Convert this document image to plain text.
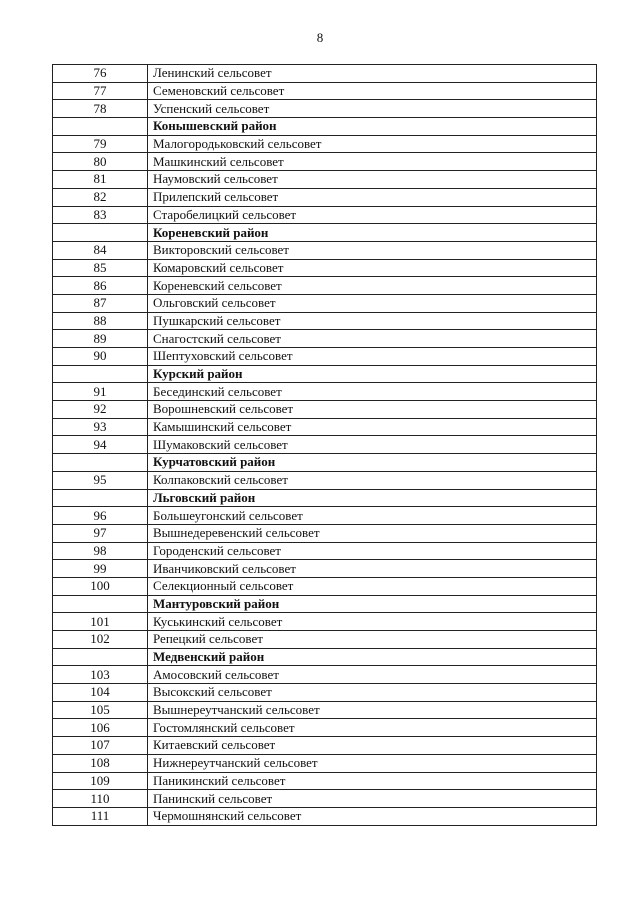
8
76	Ленинский сельсовет
77	Семеновский сельсовет
78	Успенский сельсовет
	Конышевский район
79	Малогородьковский сельсовет
80	Машкинский сельсовет
81	Наумовский сельсовет
82	Прилепский сельсовет
83	Старобелицкий сельсовет
	Кореневский район
84	Викторовский сельсовет
85	Комаровский сельсовет
86	Кореневский сельсовет
87	Ольговский сельсовет
88	Пушкарский сельсовет
89	Снагостский сельсовет
90	Шептуховский сельсовет
	Курский район
91	Бесединский сельсовет
92	Ворошневский сельсовет
93	Камышинский сельсовет
94	Шумаковский сельсовет
	Курчатовский район
95	Колпаковский сельсовет
	Льговский район
96	Большеугонский сельсовет
97	Вышнедеревенский сельсовет
98	Городенский сельсовет
99	Иванчиковский сельсовет
100	Селекционный сельсовет
	Мантуровский район
101	Куськинский сельсовет
102	Репецкий сельсовет
	Медвенский район
103	Амосовский сельсовет
104	Высокский сельсовет
105	Вышнереутчанский сельсовет
106	Гостомлянский сельсовет
107	Китаевский сельсовет
108	Нижнереутчанский сельсовет
109	Паникинский сельсовет
110	Панинский сельсовет
111	Чермошнянский сельсовет
